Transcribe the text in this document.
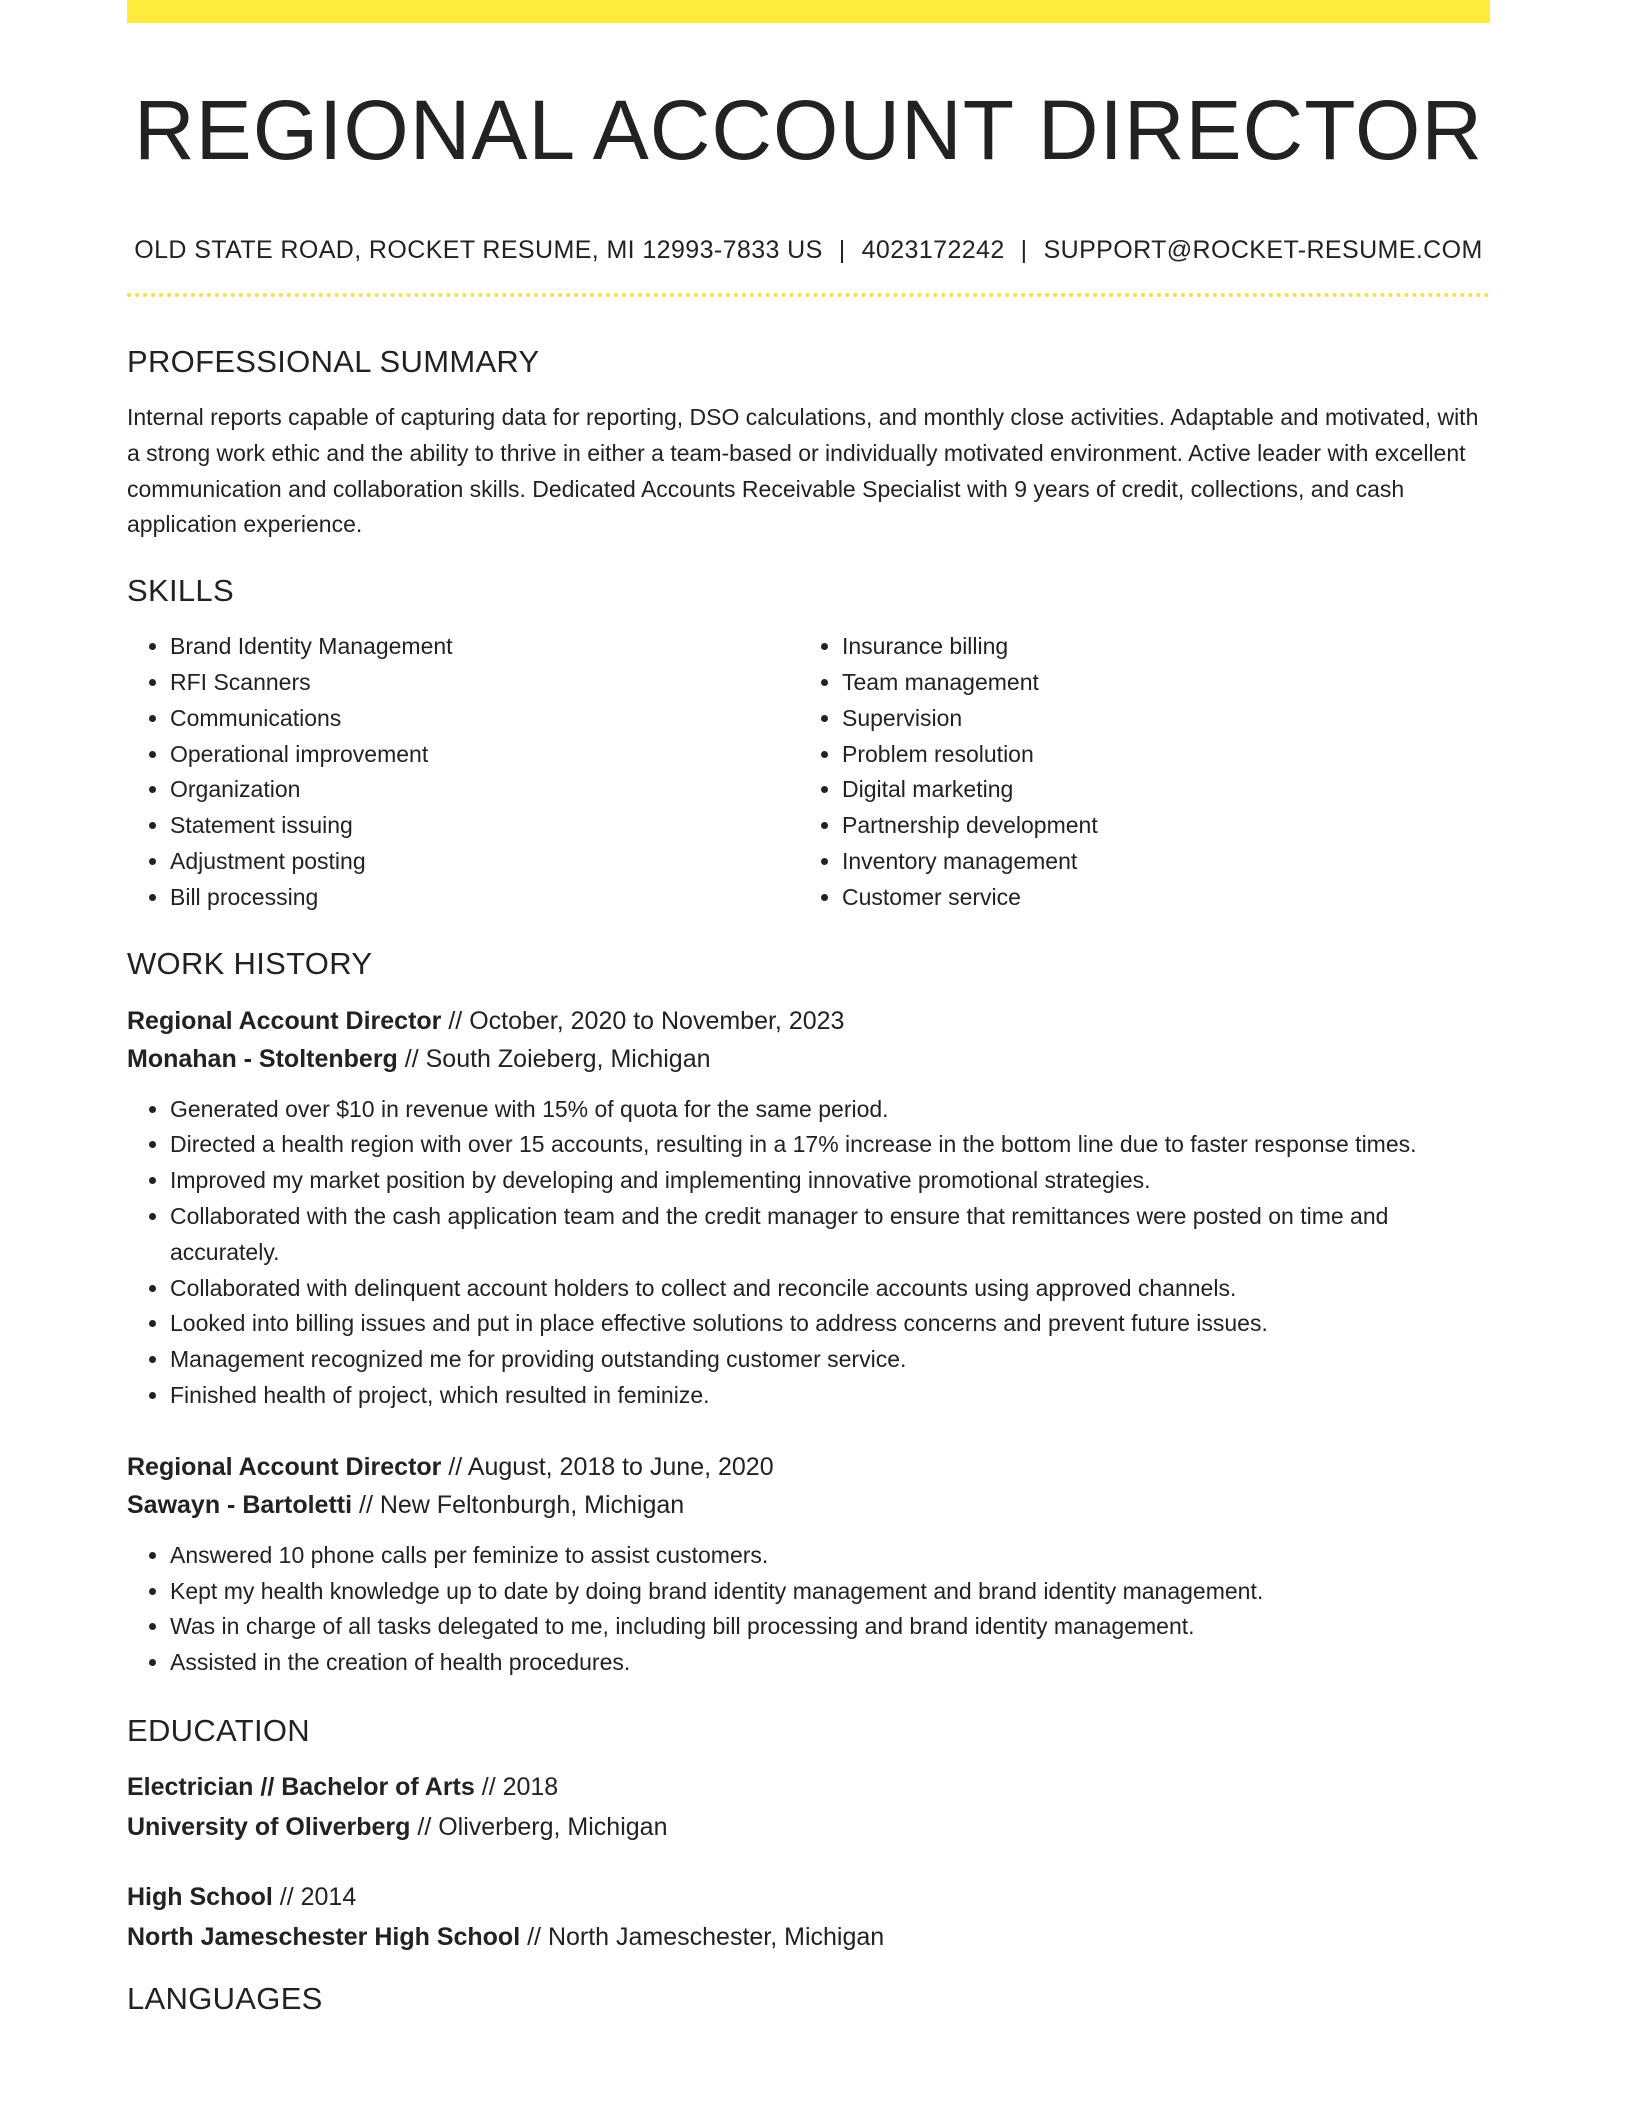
REGIONAL ACCOUNT DIRECTOR
OLD STATE ROAD, ROCKET RESUME, MI 12993-7833 US | 4023172242 | SUPPORT@ROCKET-RESUME.COM
PROFESSIONAL SUMMARY

Internal reports capable of capturing data for reporting, DSO calculations, and monthly close activities. Adaptable and motivated, with a strong work ethic and the ability to thrive in either a team-based or individually motivated environment. Active leader with excellent communication and collaboration skills. Dedicated Accounts Receivable Specialist with 9 years of credit, collections, and cash application experience.

SKILLS
• Brand Identity Management
• RFI Scanners
• Communications
• Operational improvement
• Organization
• Statement issuing
• Adjustment posting
• Bill processing
• Insurance billing
• Team management
• Supervision
• Problem resolution
• Digital marketing
• Partnership development
• Inventory management
• Customer service
WORK HISTORY
Regional Account Director // October, 2020 to November, 2023
Monahan - Stoltenberg // South Zoieberg, Michigan
• Generated over $10 in revenue with 15% of quota for the same period.
• Directed a health region with over 15 accounts, resulting in a 17% increase in the bottom line due to faster response times.
• Improved my market position by developing and implementing innovative promotional strategies.
• Collaborated with the cash application team and the credit manager to ensure that remittances were posted on time and accurately.
• Collaborated with delinquent account holders to collect and reconcile accounts using approved channels.
• Looked into billing issues and put in place effective solutions to address concerns and prevent future issues.
• Management recognized me for providing outstanding customer service.
• Finished health of project, which resulted in feminize.
Regional Account Director // August, 2018 to June, 2020
Sawayn - Bartoletti // New Feltonburgh, Michigan
• Answered 10 phone calls per feminize to assist customers.
• Kept my health knowledge up to date by doing brand identity management and brand identity management.
• Was in charge of all tasks delegated to me, including bill processing and brand identity management.
• Assisted in the creation of health procedures.
EDUCATION
Electrician // Bachelor of Arts // 2018
University of Oliverberg // Oliverberg, Michigan
High School // 2014
North Jameschester High School // North Jameschester, Michigan
LANGUAGES
